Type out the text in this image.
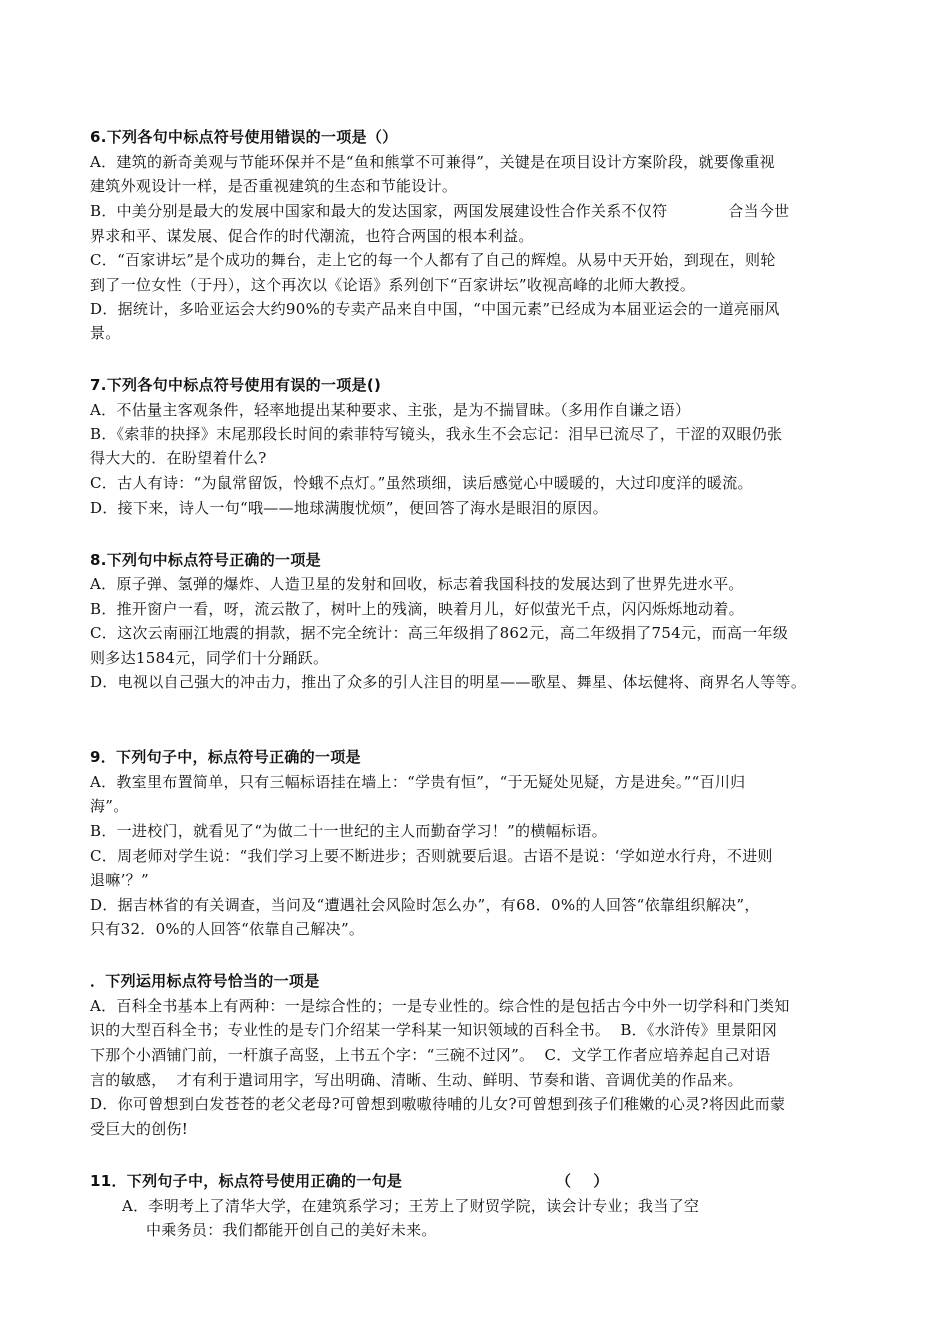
6.下列各句中标点符号使用错误的一项是（）
A．建筑的新奇美观与节能环保并不是“鱼和熊掌不可兼得”，关键是在项目设计方案阶段，就要像重视
建筑外观设计一样，是否重视建筑的生态和节能设计。
B．中美分别是最大的发展中国家和最大的发达国家，两国发展建设性合作关系不仅符            合当今世
界求和平、谋发展、促合作的时代潮流，也符合两国的根本利益。
C．“百家讲坛”是个成功的舞台，走上它的每一个人都有了自己的辉煌。从易中天开始，到现在，则轮
到了一位女性（于丹），这个再次以《论语》系列创下“百家讲坛”收视高峰的北师大教授。
D．据统计，多哈亚运会大约90%的专卖产品来自中国，“中国元素”已经成为本届亚运会的一道亮丽风
景。
7.下列各句中标点符号使用有误的一项是()
A．不估量主客观条件，轻率地提出某种要求、主张，是为不揣冒昧。（多用作自谦之语）
B．《索菲的抉择》末尾那段长时间的索菲特写镜头，我永生不会忘记：泪早已流尽了，干涩的双眼仍张
得大大的．在盼望着什么?
C．古人有诗：“为鼠常留饭，怜蛾不点灯。”虽然琐细，读后感觉心中暖暖的，大过印度洋的暖流。
D．接下来，诗人一句“哦——地球满腹忧烦”，便回答了海水是眼泪的原因。
8.下列句中标点符号正确的一项是
A．原子弹、氢弹的爆炸、人造卫星的发射和回收，标志着我国科技的发展达到了世界先进水平。
B．推开窗户一看，呀，流云散了，树叶上的残滴，映着月儿，好似萤光千点，闪闪烁烁地动着。
C．这次云南丽江地震的捐款，据不完全统计：高三年级捐了862元，高二年级捐了754元，而高一年级
则多达1584元，同学们十分踊跃。
D．电视以自己强大的冲击力，推出了众多的引人注目的明星——歌星、舞星、体坛健将、商界名人等等。
9．下列句子中，标点符号正确的一项是
A．教室里布置简单，只有三幅标语挂在墙上：“学贵有恒”，“于无疑处见疑，方是进矣。”“百川归
海”。
B．一进校门，就看见了“为做二十一世纪的主人而勤奋学习！”的横幅标语。
C．周老师对学生说：“我们学习上要不断进步；否则就要后退。古语不是说：‘学如逆水行舟，不进则
退嘛’？”
D．据吉林省的有关调查，当问及“遭遇社会风险时怎么办”，有68．0%的人回答“依靠组织解决”，
只有32．0%的人回答“依靠自己解决”。
．下列运用标点符号恰当的一项是
A．百科全书基本上有两种：一是综合性的；一是专业性的。综合性的是包括古今中外一切学科和门类知
识的大型百科全书；专业性的是专门介绍某一学科某一知识领域的百科全书。  B．《水浒传》里景阳冈
下那个小酒铺门前，一杆旗子高竖，上书五个字：“三碗不过冈”。  C．文学工作者应培养起自己对语
言的敏感，  才有利于遣词用字，写出明确、清晰、生动、鲜明、节奏和谐、音调优美的作品来。
D．你可曾想到白发苍苍的老父老母?可曾想到嗷嗷待哺的儿女?可曾想到孩子们稚嫩的心灵?将因此而蒙
受巨大的创伤!
11．下列句子中，标点符号使用正确的一句是	（    ）
A．李明考上了清华大学，在建筑系学习；王芳上了财贸学院，读会计专业；我当了空
中乘务员：我们都能开创自己的美好未来。
